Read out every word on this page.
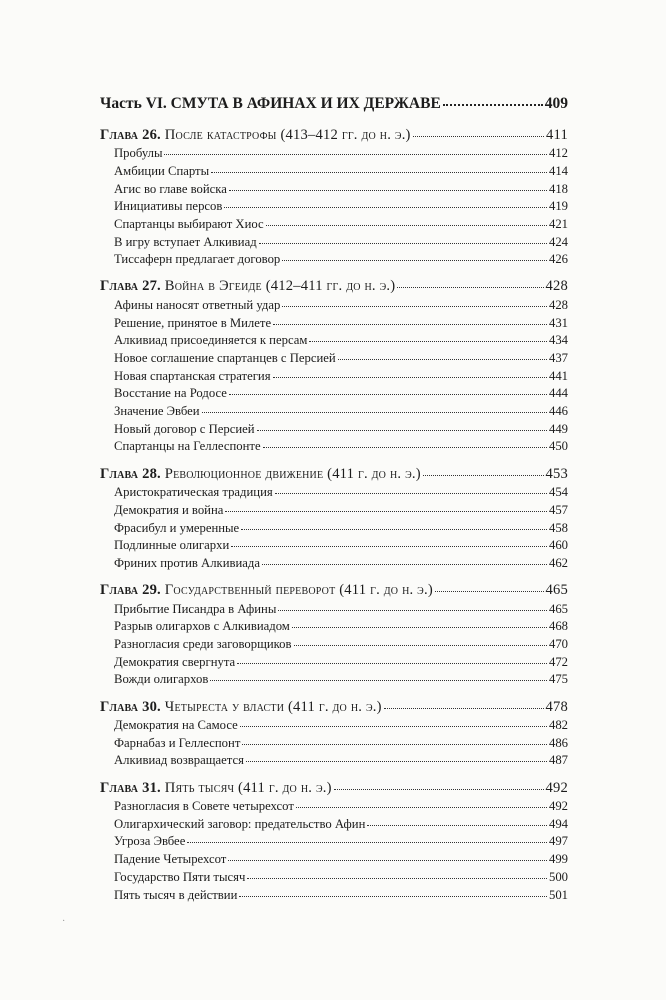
Часть VI. СМУТА В АФИНАХ И ИХ ДЕРЖАВЕ	409
Глава 26. После катастрофы (413–412 гг. до н. э.)	411
Пробулы	412
Амбиции Спарты	414
Агис во главе войска	418
Инициативы персов	419
Спартанцы выбирают Хиос	421
В игру вступает Алкивиад	424
Тиссаферн предлагает договор	426
Глава 27. Война в Эгеиде (412–411 гг. до н. э.)	428
Афины наносят ответный удар	428
Решение, принятое в Милете	431
Алкивиад присоединяется к персам	434
Новое соглашение спартанцев с Персией	437
Новая спартанская стратегия	441
Восстание на Родосе	444
Значение Эвбеи	446
Новый договор с Персией	449
Спартанцы на Геллеспонте	450
Глава 28. Революционное движение (411 г. до н. э.)	453
Аристократическая традиция	454
Демократия и война	457
Фрасибул и умеренные	458
Подлинные олигархи	460
Фриних против Алкивиада	462
Глава 29. Государственный переворот (411 г. до н. э.)	465
Прибытие Писандра в Афины	465
Разрыв олигархов с Алкивиадом	468
Разногласия среди заговорщиков	470
Демократия свергнута	472
Вожди олигархов	475
Глава 30. Четыреста у власти (411 г. до н. э.)	478
Демократия на Самосе	482
Фарнабаз и Геллеспонт	486
Алкивиад возвращается	487
Глава 31. Пять тысяч (411 г. до н. э.)	492
Разногласия в Совете четырехсот	492
Олигархический заговор: предательство Афин	494
Угроза Эвбее	497
Падение Четырехсот	499
Государство Пяти тысяч	500
Пять тысяч в действии	501
·
